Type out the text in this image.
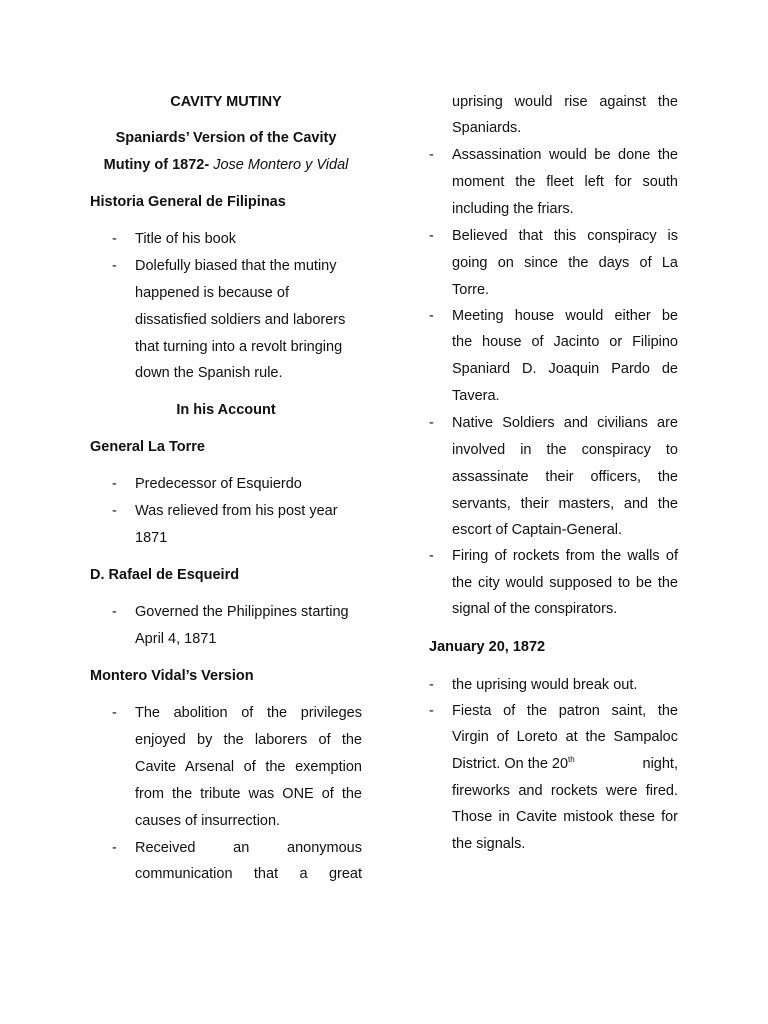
CAVITY MUTINY
Spaniards’ Version of the Cavity
Mutiny of 1872- Jose Montero y Vidal
Historia General de Filipinas
- Title of his book
- Dolefully biased that the mutiny
happened is because of
dissatisfied soldiers and laborers
that turning into a revolt bringing
down the Spanish rule.
In his Account
General La Torre
- Predecessor of Esquierdo
- Was relieved from his post year
1871
D. Rafael de Esqueird
- Governed the Philippines starting
April 4, 1871
Montero Vidal’s Version
- The abolition of the privileges
enjoyed by the laborers of the
Cavite Arsenal of the exemption
from the tribute was ONE of the
causes of insurrection.
- Received an anonymous
communication that a great
uprising would rise against the
Spaniards.
- Assassination would be done the
moment the fleet left for south
including the friars.
- Believed that this conspiracy is
going on since the days of La
Torre.
- Meeting house would either be
the house of Jacinto or Filipino
Spaniard D. Joaquin Pardo de
Tavera.
- Native Soldiers and civilians are
involved in the conspiracy to
assassinate their officers, the
servants, their masters, and the
escort of Captain-General.
- Firing of rockets from the walls of
the city would supposed to be the
signal of the conspirators.
January 20, 1872
- the uprising would break out.
- Fiesta of the patron saint, the
Virgin of Loreto at the Sampaloc
District. On the 20th	night,
fireworks and rockets were fired.
Those in Cavite mistook these for
the signals.
